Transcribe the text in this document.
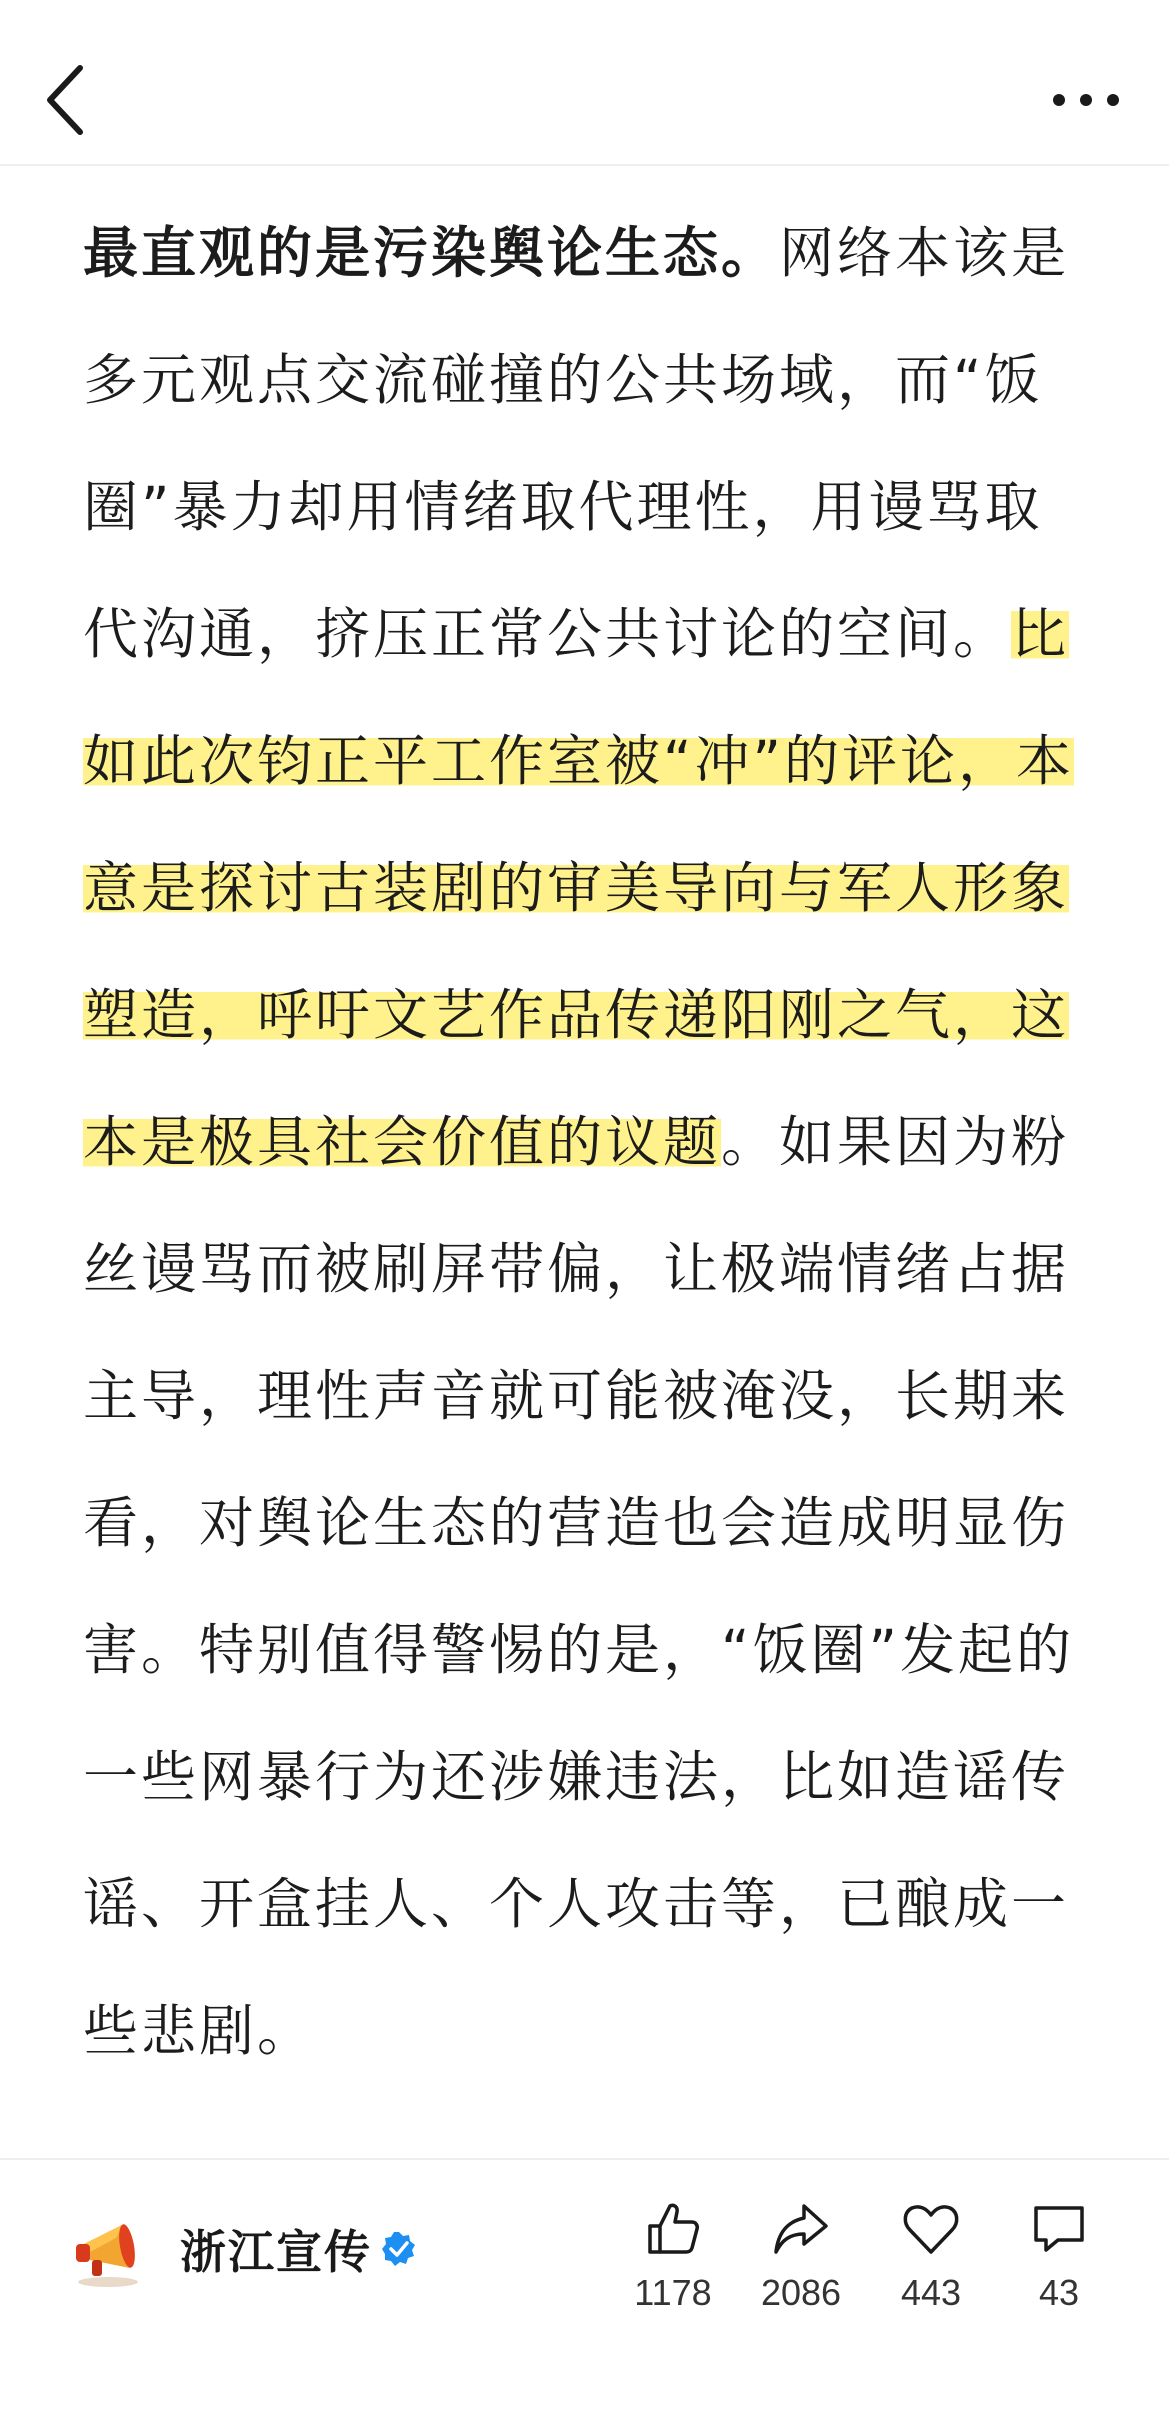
最直观的是污染舆论生态。网络本该是多元观点交流碰撞的公共场域，而“饭圈”暴力却用情绪取代理性，用谩骂取代沟通，挤压正常公共讨论的空间。比如此次钧正平工作室被“冲”的评论，本意是探讨古装剧的审美导向与军人形象塑造，呼吁文艺作品传递阳刚之气，这本是极具社会价值的议题。如果因为粉丝谩骂而被刷屏带偏，让极端情绪占据主导，理性声音就可能被淹没，长期来看，对舆论生态的营造也会造成明显伤害。特别值得警惕的是，“饭圈”发起的一些网暴行为还涉嫌违法，比如造谣传谣、开盒挂人、个人攻击等，已酿成一些悲剧。
浙江宣传
1178	2086	443	43
